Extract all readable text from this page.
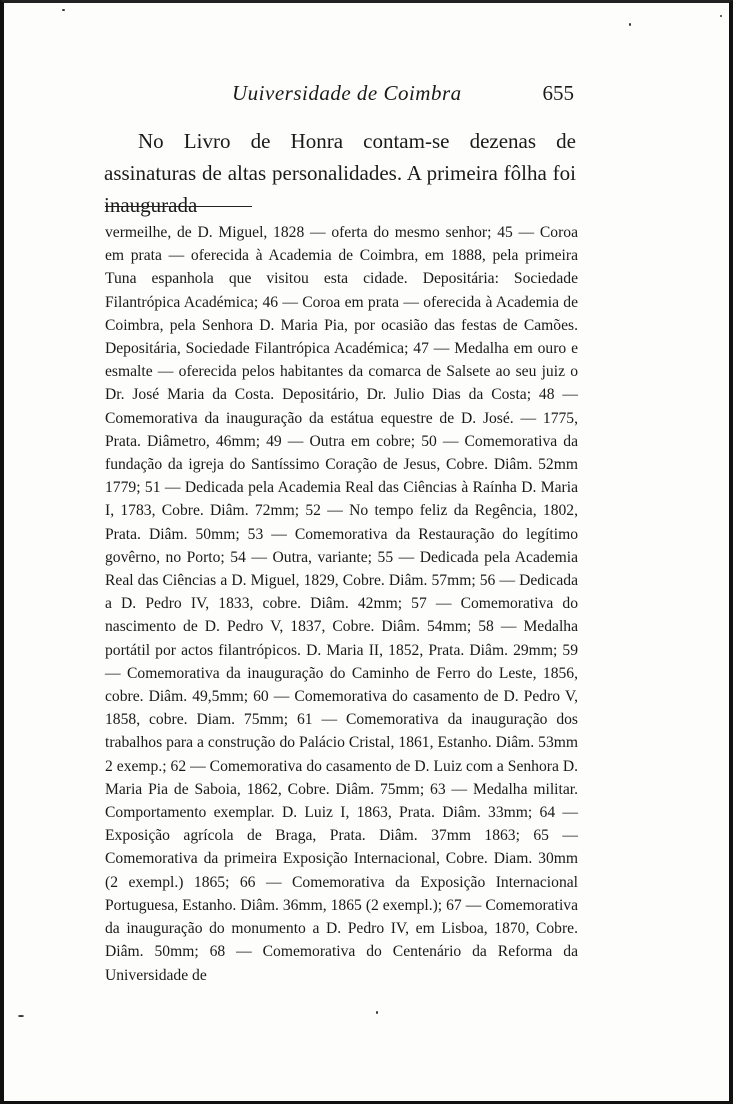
Uuiversidade de Coimbra	655

No Livro de Honra contam-se dezenas de assinaturas de altas personalidades. A primeira fôlha foi inaugurada

vermeilhe, de D. Miguel, 1828 — oferta do mesmo senhor; 45 — Coroa em prata — oferecida à Academia de Coimbra, em 1888, pela primeira Tuna espanhola que visitou esta cidade. Depositária: Sociedade Filantrópica Académica; 46 — Coroa em prata — oferecida à Academia de Coimbra, pela Senhora D. Maria Pia, por ocasião das festas de Camões. Depositária, Sociedade Filantrópica Académica; 47 — Medalha em ouro e esmalte — oferecida pelos habitantes da comarca de Salsete ao seu juiz o Dr. José Maria da Costa. Depositário, Dr. Julio Dias da Costa; 48 — Comemorativa da inauguração da estátua equestre de D. José. — 1775, Prata. Diâmetro, 46mm; 49 — Outra em cobre; 50 — Comemorativa da fundação da igreja do Santíssimo Coração de Jesus, Cobre. Diâm. 52mm 1779; 51 — Dedicada pela Academia Real das Ciências à Raínha D. Maria I, 1783, Cobre. Diâm. 72mm; 52 — No tempo feliz da Regência, 1802, Prata. Diâm. 50mm; 53 — Comemorativa da Restauração do legítimo govêrno, no Porto; 54 — Outra, variante; 55 — Dedicada pela Academia Real das Ciências a D. Miguel, 1829, Cobre. Diâm. 57mm; 56 — Dedicada a D. Pedro IV, 1833, cobre. Diâm. 42mm; 57 — Comemorativa do nascimento de D. Pedro V, 1837, Cobre. Diâm. 54mm; 58 — Medalha portátil por actos filantrópicos. D. Maria II, 1852, Prata. Diâm. 29mm; 59 — Comemorativa da inauguração do Caminho de Ferro do Leste, 1856, cobre. Diâm. 49,5mm; 60 — Comemorativa do casamento de D. Pedro V, 1858, cobre. Diam. 75mm; 61 — Comemorativa da inauguração dos trabalhos para a construção do Palácio Cristal, 1861, Estanho. Diâm. 53mm 2 exemp.; 62 — Comemorativa do casamento de D. Luiz com a Senhora D. Maria Pia de Saboia, 1862, Cobre. Diâm. 75mm; 63 — Medalha militar. Comportamento exemplar. D. Luiz I, 1863, Prata. Diâm. 33mm; 64 — Exposição agrícola de Braga, Prata. Diâm. 37mm 1863; 65 — Comemorativa da primeira Exposição Internacional, Cobre. Diam. 30mm (2 exempl.) 1865; 66 — Comemorativa da Exposição Internacional Portuguesa, Estanho. Diâm. 36mm, 1865 (2 exempl.); 67 — Comemorativa da inauguração do monumento a D. Pedro IV, em Lisboa, 1870, Cobre. Diâm. 50mm; 68 — Comemorativa do Centenário da Reforma da Universidade de
